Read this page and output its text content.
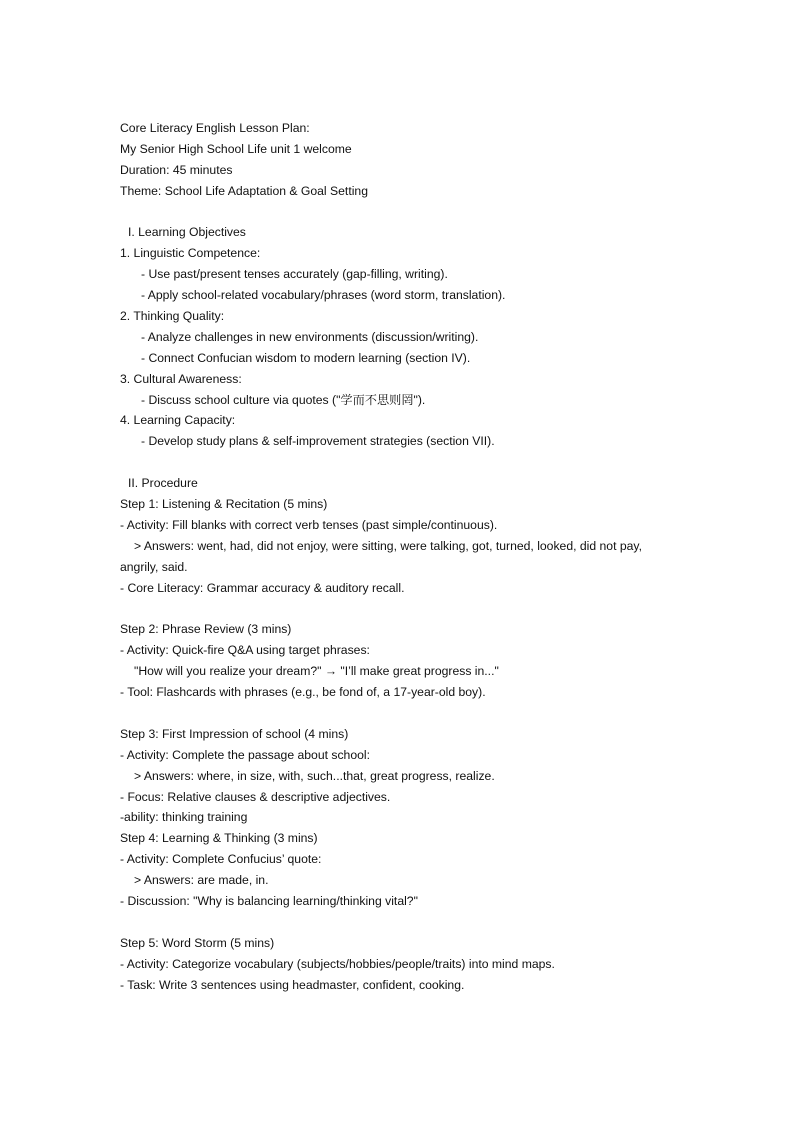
Core Literacy English Lesson Plan:
My Senior High School Life unit 1 welcome
Duration: 45 minutes
Theme: School Life Adaptation & Goal Setting
I. Learning Objectives
1. Linguistic Competence:
- Use past/present tenses accurately (gap-filling, writing).
- Apply school-related vocabulary/phrases (word storm, translation).
2. Thinking Quality:
- Analyze challenges in new environments (discussion/writing).
- Connect Confucian wisdom to modern learning (section IV).
3. Cultural Awareness:
- Discuss school culture via quotes ("学而不思则罔").
4. Learning Capacity:
- Develop study plans & self-improvement strategies (section VII).
II. Procedure
Step 1: Listening & Recitation (5 mins)
- Activity: Fill blanks with correct verb tenses (past simple/continuous).
> Answers: went, had, did not enjoy, were sitting, were talking, got, turned, looked, did not pay,
angrily, said.
- Core Literacy: Grammar accuracy & auditory recall.
Step 2: Phrase Review (3 mins)
- Activity: Quick-fire Q&A using target phrases:
"How will you realize your dream?" → "I’ll make great progress in..."
- Tool: Flashcards with phrases (e.g., be fond of, a 17-year-old boy).
Step 3: First Impression of school (4 mins)
- Activity: Complete the passage about school:
> Answers: where, in size, with, such...that, great progress, realize.
- Focus: Relative clauses & descriptive adjectives.
-ability: thinking training
Step 4: Learning & Thinking (3 mins)
- Activity: Complete Confucius’ quote:
> Answers: are made, in.
- Discussion: "Why is balancing learning/thinking vital?"
Step 5: Word Storm (5 mins)
- Activity: Categorize vocabulary (subjects/hobbies/people/traits) into mind maps.
- Task: Write 3 sentences using headmaster, confident, cooking.
